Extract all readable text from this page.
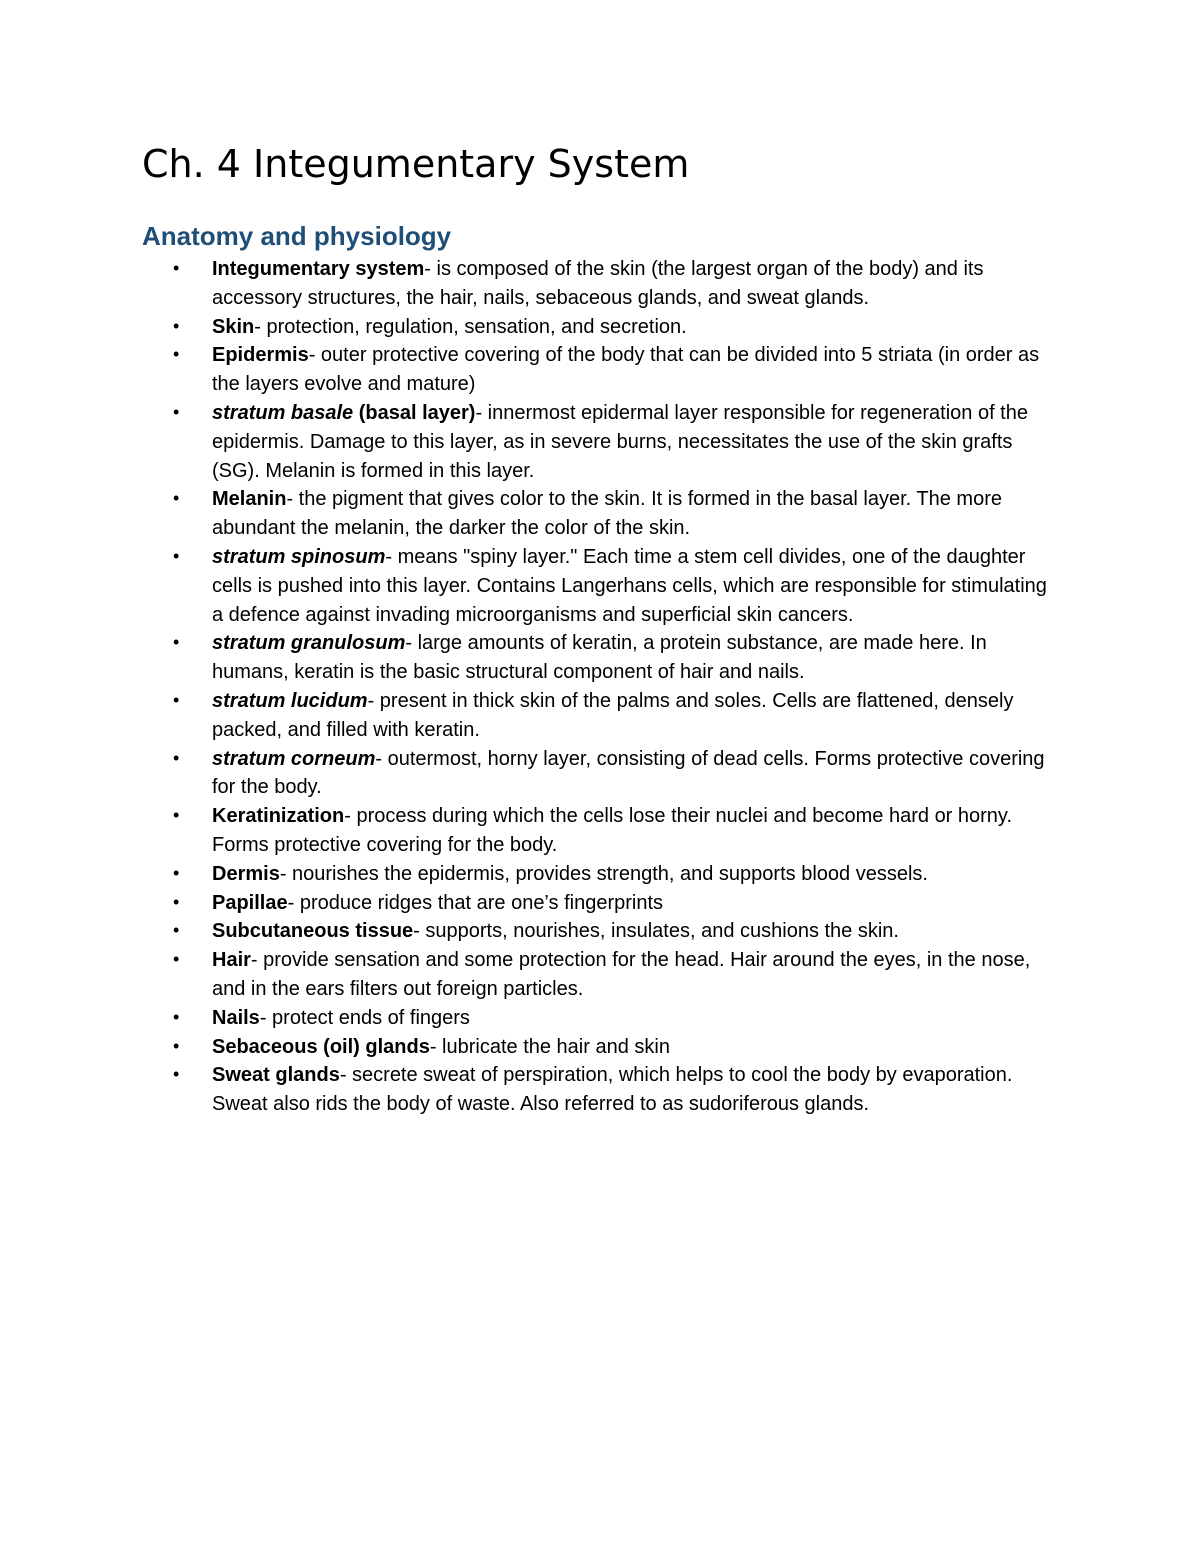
Ch. 4 Integumentary System
Anatomy and physiology
•	Integumentary system- is composed of the skin (the largest organ of the body) and its accessory structures, the hair, nails, sebaceous glands, and sweat glands.
•	Skin- protection, regulation, sensation, and secretion.
•	Epidermis- outer protective covering of the body that can be divided into 5 striata (in order as the layers evolve and mature)
•	stratum basale (basal layer)- innermost epidermal layer responsible for regeneration of the epidermis. Damage to this layer, as in severe burns, necessitates the use of the skin grafts (SG). Melanin is formed in this layer.
•	Melanin- the pigment that gives color to the skin. It is formed in the basal layer. The more abundant the melanin, the darker the color of the skin.
•	stratum spinosum- means "spiny layer." Each time a stem cell divides, one of the daughter cells is pushed into this layer. Contains Langerhans cells, which are responsible for stimulating a defence against invading microorganisms and superficial skin cancers.
•	stratum granulosum- large amounts of keratin, a protein substance, are made here. In humans, keratin is the basic structural component of hair and nails.
•	stratum lucidum- present in thick skin of the palms and soles. Cells are flattened, densely packed, and filled with keratin.
•	stratum corneum- outermost, horny layer, consisting of dead cells. Forms protective covering for the body.
•	Keratinization- process during which the cells lose their nuclei and become hard or horny. Forms protective covering for the body.
•	Dermis- nourishes the epidermis, provides strength, and supports blood vessels.
•	Papillae- produce ridges that are one’s fingerprints
•	Subcutaneous tissue- supports, nourishes, insulates, and cushions the skin.
•	Hair- provide sensation and some protection for the head. Hair around the eyes, in the nose, and in the ears filters out foreign particles.
•	Nails- protect ends of fingers
•	Sebaceous (oil) glands- lubricate the hair and skin
•	Sweat glands- secrete sweat of perspiration, which helps to cool the body by evaporation. Sweat also rids the body of waste. Also referred to as sudoriferous glands.
